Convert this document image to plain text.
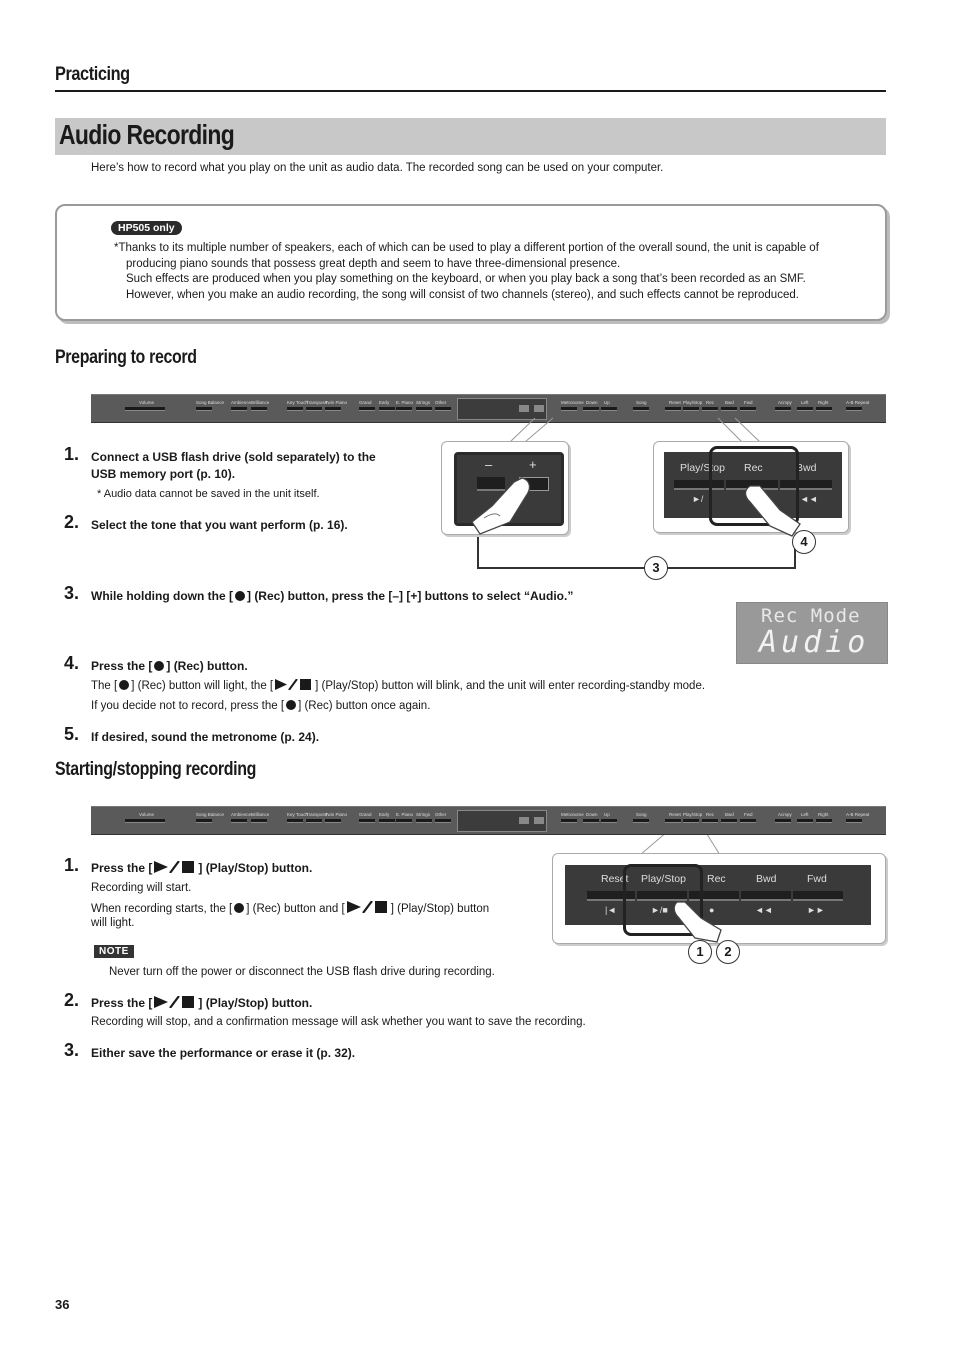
Practicing
Audio Recording
Here’s how to record what you play on the unit as audio data. The recorded song can be used on your computer.
HP505 only
*Thanks to its multiple number of speakers, each of which can be used to play a different portion of the overall sound, the unit is capable of
producing piano sounds that possess great depth and seem to have three-dimensional presence.
Such effects are produced when you play something on the keyboard, or when you play back a song that’s been recorded as an SMF.
However, when you make an audio recording, the song will consist of two channels (stereo), and such effects cannot be reproduced.
Preparing to record
Volume	Song Balance Ambience Brilliance	Key Touch
Transpose
Twin Piano	Grand Early E. Piano Strings Other	Metronome Down Up	Song	Reset Play/Stop Rec Bwd Fwd	Acmpy Left Right	A-B Repeat
–	+	Play/Stop Rec	Bwd
►/	◄◄
3
4
1. Connect a USB flash drive (sold separately) to the
USB memory port (p. 10).
* Audio data cannot be saved in the unit itself.
2. Select the tone that you want perform (p. 16).
3. While holding down the [ ] (Rec) button, press the [–] [+] buttons to select “Audio.”
Rec Mode
Audio
4. Press the [ ] (Rec) button.
The [ ] (Rec) button will light, the [	] (Play/Stop) button will blink, and the unit will enter recording-standby mode.
If you decide not to record, press the [ ] (Rec) button once again.
5. If desired, sound the metronome (p. 24).
Starting/stopping recording
Volume	Song Balance Ambience Brilliance	Key Touch
Transpose
Twin Piano	Grand Early E. Piano Strings Other	Metronome Down Up	Song	Reset Play/Stop Rec Bwd Fwd	Acmpy Left Right	A-B Repeat
Reset Play/Stop Rec	Bwd	Fwd
|◄	►/■	●	◄◄	►►
1	2
1. Press the [	] (Play/Stop) button.
Recording will start.
When recording starts, the [ ] (Rec) button and [	] (Play/Stop) button
will light.
NOTE
Never turn off the power or disconnect the USB flash drive during recording.
2. Press the [	] (Play/Stop) button.
Recording will stop, and a confirmation message will ask whether you want to save the recording.
3. Either save the performance or erase it (p. 32).
36
